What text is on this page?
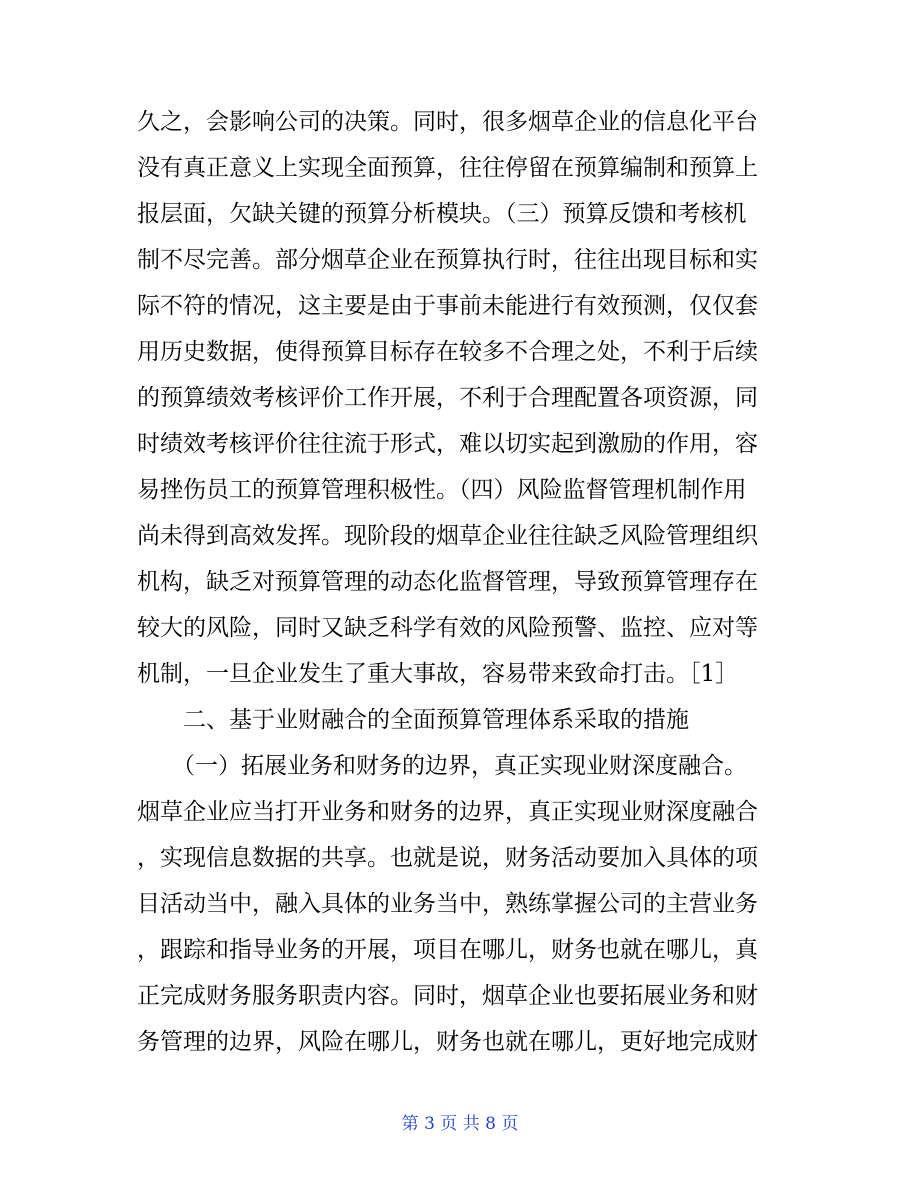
久之，会影响公司的决策。同时，很多烟草企业的信息化平台
没有真正意义上实现全面预算，往往停留在预算编制和预算上
报层面，欠缺关键的预算分析模块。（三）预算反馈和考核机
制不尽完善。部分烟草企业在预算执行时，往往出现目标和实
际不符的情况，这主要是由于事前未能进行有效预测，仅仅套
用历史数据，使得预算目标存在较多不合理之处，不利于后续
的预算绩效考核评价工作开展，不利于合理配置各项资源，同
时绩效考核评价往往流于形式，难以切实起到激励的作用，容
易挫伤员工的预算管理积极性。（四）风险监督管理机制作用
尚未得到高效发挥。现阶段的烟草企业往往缺乏风险管理组织
机构，缺乏对预算管理的动态化监督管理，导致预算管理存在
较大的风险，同时又缺乏科学有效的风险预警、监控、应对等
机制，一旦企业发生了重大事故，容易带来致命打击。［1］
二、基于业财融合的全面预算管理体系采取的措施
（一）拓展业务和财务的边界，真正实现业财深度融合。
烟草企业应当打开业务和财务的边界，真正实现业财深度融合
，实现信息数据的共享。也就是说，财务活动要加入具体的项
目活动当中，融入具体的业务当中，熟练掌握公司的主营业务
，跟踪和指导业务的开展，项目在哪儿，财务也就在哪儿，真
正完成财务服务职责内容。同时，烟草企业也要拓展业务和财
务管理的边界，风险在哪儿，财务也就在哪儿，更好地完成财
第 3 页 共 8 页
